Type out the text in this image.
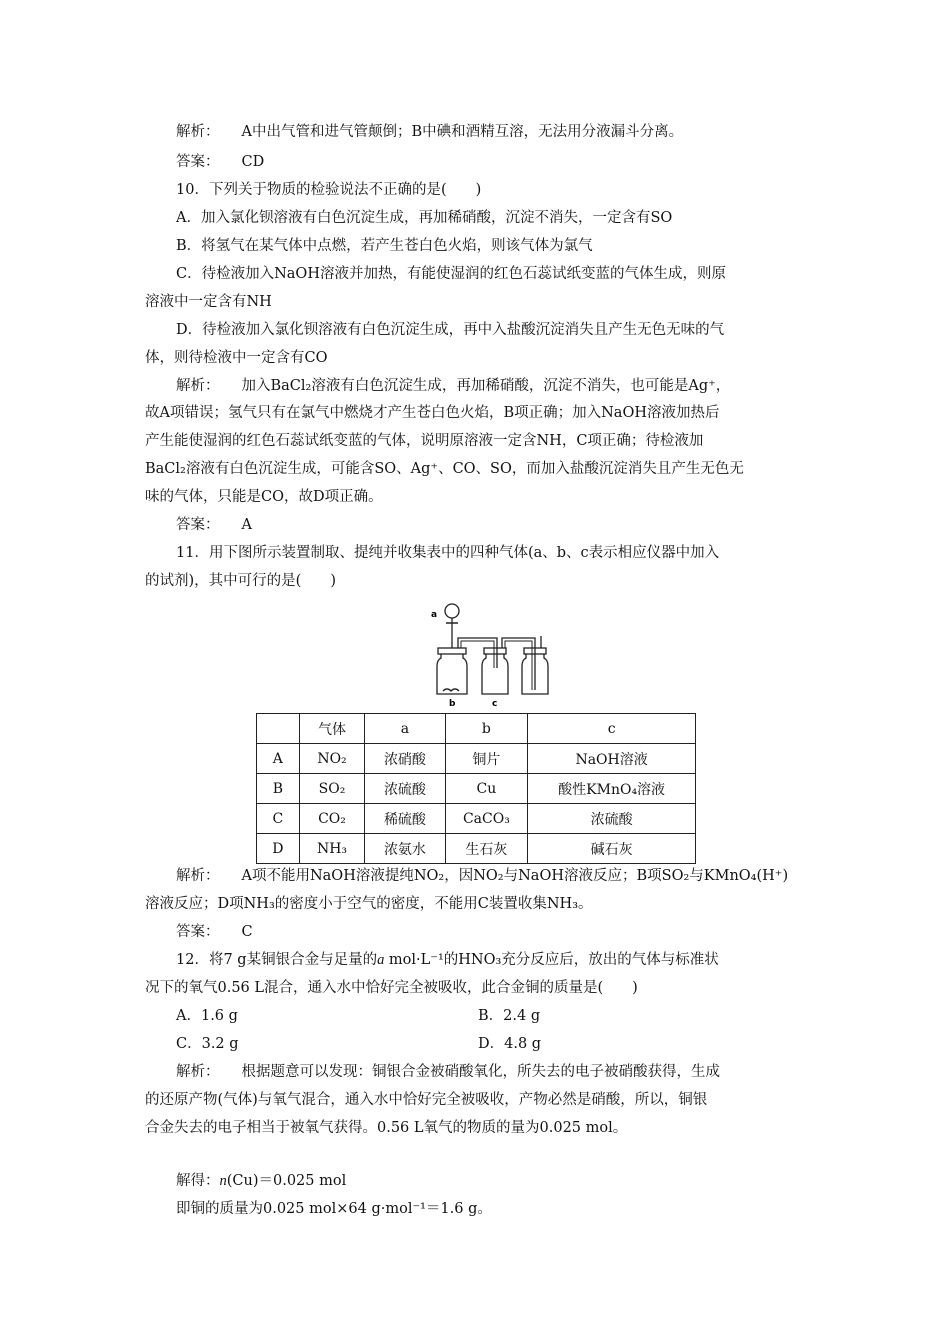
解析： A中出气管和进气管颠倒；B中碘和酒精互溶，无法用分液漏斗分离。
答案： CD
10．下列关于物质的检验说法不正确的是(　　)
A．加入氯化钡溶液有白色沉淀生成，再加稀硝酸，沉淀不消失，一定含有SO
B．将氢气在某气体中点燃，若产生苍白色火焰，则该气体为氯气
C．待检液加入NaOH溶液并加热，有能使湿润的红色石蕊试纸变蓝的气体生成，则原
溶液中一定含有NH
D．待检液加入氯化钡溶液有白色沉淀生成，再中入盐酸沉淀消失且产生无色无味的气
体，则待检液中一定含有CO
解析： 加入BaCl₂溶液有白色沉淀生成，再加稀硝酸，沉淀不消失，也可能是Ag⁺，
故A项错误；氢气只有在氯气中燃烧才产生苍白色火焰，B项正确；加入NaOH溶液加热后
产生能使湿润的红色石蕊试纸变蓝的气体，说明原溶液一定含NH，C项正确；待检液加
BaCl₂溶液有白色沉淀生成，可能含SO、Ag⁺、CO、SO，而加入盐酸沉淀消失且产生无色无
味的气体，只能是CO，故D项正确。
答案： A
11．用下图所示装置制取、提纯并收集表中的四种气体(a、b、c表示相应仪器中加入
的试剂)，其中可行的是(　　)
a
b	c
	气体	a	b	c
A	NO₂	浓硝酸	铜片	NaOH溶液
B	SO₂	浓硫酸	Cu	酸性KMnO₄溶液
C	CO₂	稀硫酸	CaCO₃	浓硫酸
D	NH₃	浓氨水	生石灰	碱石灰
解析： A项不能用NaOH溶液提纯NO₂，因NO₂与NaOH溶液反应；B项SO₂与KMnO₄(H⁺)
溶液反应；D项NH₃的密度小于空气的密度，不能用C装置收集NH₃。
答案： C
12．将7 g某铜银合金与足量的a mol·L⁻¹的HNO₃充分反应后，放出的气体与标准状
况下的氧气0.56 L混合，通入水中恰好完全被吸收，此合金铜的质量是(　　)
A．1.6 g	B．2.4 g
C．3.2 g	D．4.8 g
解析： 根据题意可以发现：铜银合金被硝酸氧化，所失去的电子被硝酸获得，生成
的还原产物(气体)与氧气混合，通入水中恰好完全被吸收，产物必然是硝酸，所以，铜银
合金失去的电子相当于被氧气获得。0.56 L氧气的物质的量为0.025 mol。
解得：n(Cu)＝0.025 mol
即铜的质量为0.025 mol×64 g·mol⁻¹＝1.6 g。
